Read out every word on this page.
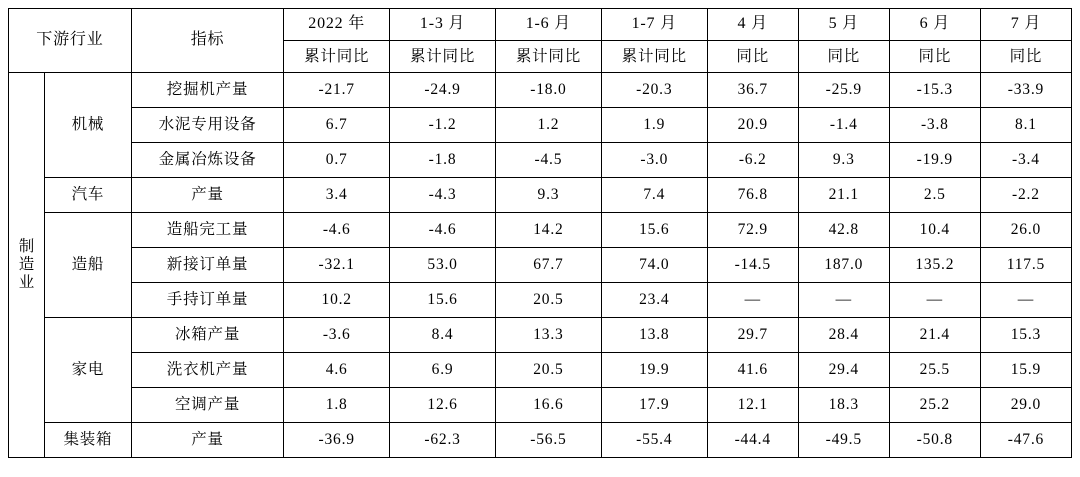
下游行业		指标	2022 年	1-3 月	1-6 月	1-7 月	4 月	5 月	6 月	7 月
			累计同比	累计同比	累计同比	累计同比	同比	同比	同比	同比

制造业	机械	挖掘机产量	-21.7	-24.9	-18.0	-20.3	36.7	-25.9	-15.3	-33.9
		水泥专用设备	6.7	-1.2	1.2	1.9	20.9	-1.4	-3.8	8.1
		金属冶炼设备	0.7	-1.8	-4.5	-3.0	-6.2	9.3	-19.9	-3.4
	汽车	产量	3.4	-4.3	9.3	7.4	76.8	21.1	2.5	-2.2
	造船	造船完工量	-4.6	-4.6	14.2	15.6	72.9	42.8	10.4	26.0
		新接订单量	-32.1	53.0	67.7	74.0	-14.5	187.0	135.2	117.5
		手持订单量	10.2	15.6	20.5	23.4	—	—	—	—
	家电	冰箱产量	-3.6	8.4	13.3	13.8	29.7	28.4	21.4	15.3
		洗衣机产量	4.6	6.9	20.5	19.9	41.6	29.4	25.5	15.9
		空调产量	1.8	12.6	16.6	17.9	12.1	18.3	25.2	29.0
	集装箱	产量	-36.9	-62.3	-56.5	-55.4	-44.4	-49.5	-50.8	-47.6
